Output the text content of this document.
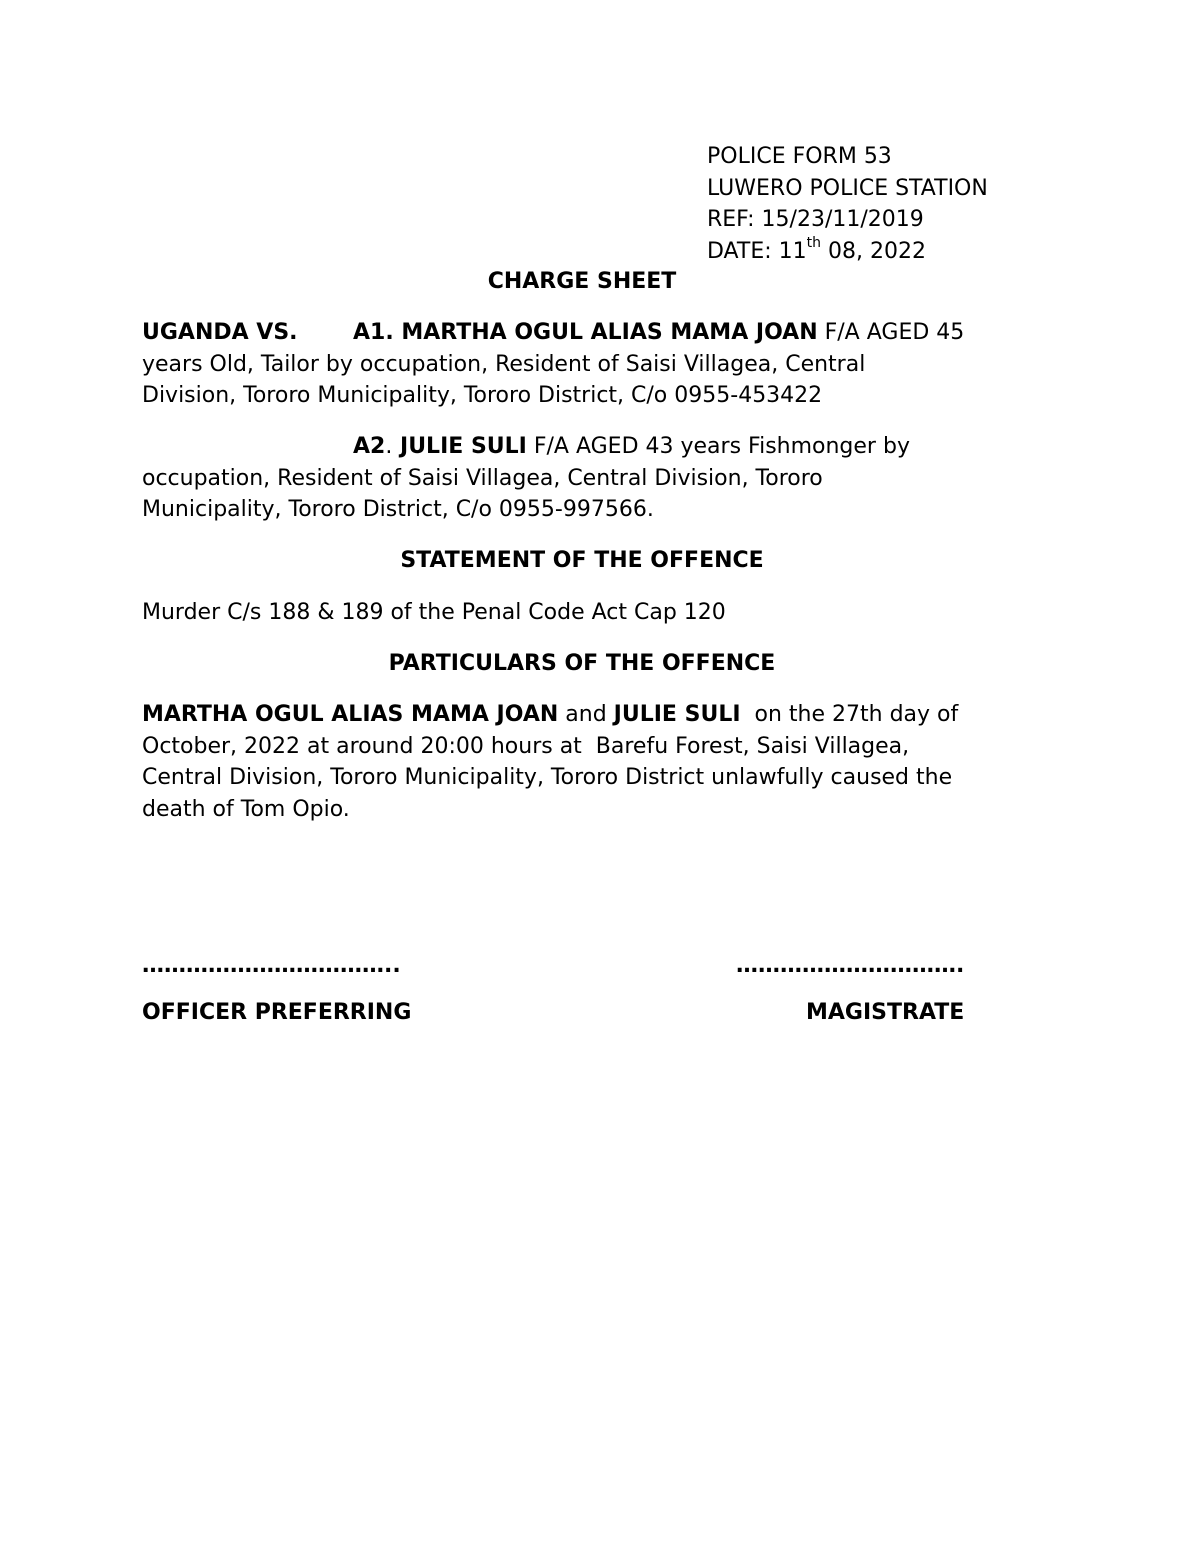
POLICE FORM 53
LUWERO POLICE STATION
REF: 15/23/11/2019
DATE: 11th 08, 2022
CHARGE SHEET
UGANDA VS.	A1. MARTHA OGUL ALIAS MAMA JOAN F/A AGED 45
years Old, Tailor by occupation, Resident of Saisi Villagea, Central
Division, Tororo Municipality, Tororo District, C/o 0955-453422
A2. JULIE SULI F/A AGED 43 years Fishmonger by
occupation, Resident of Saisi Villagea, Central Division, Tororo
Municipality, Tororo District, C/o 0955-997566.
STATEMENT OF THE OFFENCE
Murder C/s 188 & 189 of the Penal Code Act Cap 120
PARTICULARS OF THE OFFENCE
MARTHA OGUL ALIAS MAMA JOAN and JULIE SULI  on the 27th day of
October, 2022 at around 20:00 hours at  Barefu Forest, Saisi Villagea,
Central Division, Tororo Municipality, Tororo District unlawfully caused the
death of Tom Opio.
……………………………..	………………………….
OFFICER PREFERRING	MAGISTRATE
